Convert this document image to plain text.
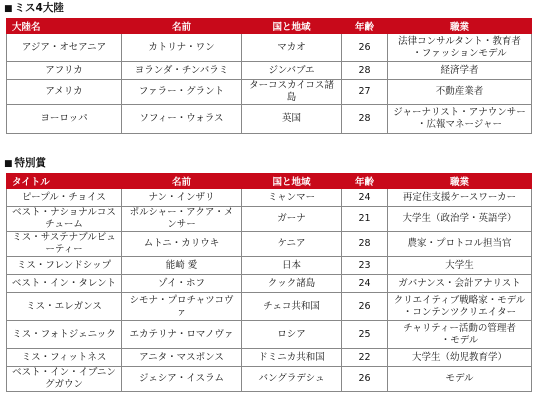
■ ミス4大陸
大陸名	名前	国と地域	年齢	職業
アジア・オセアニア	カトリナ・ワン	マカオ	26	法律コンサルタント・教育者
・ファッションモデル

アフリカ	ヨランダ・チンバラミ	ジンバブエ	28	経済学者

アメリカ	ファラー・グラント	ターコスカイコス諸島	27	不動産業者

ヨーロッパ	ソフィー・ウォラス	英国	28	ジャーナリスト・アナウンサー
・広報マネージャー
■ 特別賞
タイトル	名前	国と地域	年齢	職業
ピープル・チョイス	ナン・インザリ	ミャンマー	24	再定住支援ケースワーカー

ベスト・ナショナルコスチューム	ポルシャー・アクア・メンサー	ガーナ	21	大学生（政治学・英語学）

ミス・サステナブルビューティー	ムトニ・カリウキ	ケニア	28	農家・プロトコル担当官

ミス・フレンドシップ	能崎 愛	日本	23	大学生

ベスト・イン・タレント	ゾイ・ホフ	クック諸島	24	ガバナンス・会計アナリスト

ミス・エレガンス	シモナ・プロチャツコヴァ	チェコ共和国	26	クリエイティブ戦略家・モデル
・コンテンツクリエイター

ミス・フォトジェニック	エカテリナ・ロマノヴァ	ロシア	25	チャリティー活動の管理者
・モデル

ミス・フィットネス	アニタ・マスポンス	ドミニカ共和国	22	大学生（幼児教育学）

ベスト・イン・イブニングガウン	ジェシア・イスラム	バングラデシュ	26	モデル
